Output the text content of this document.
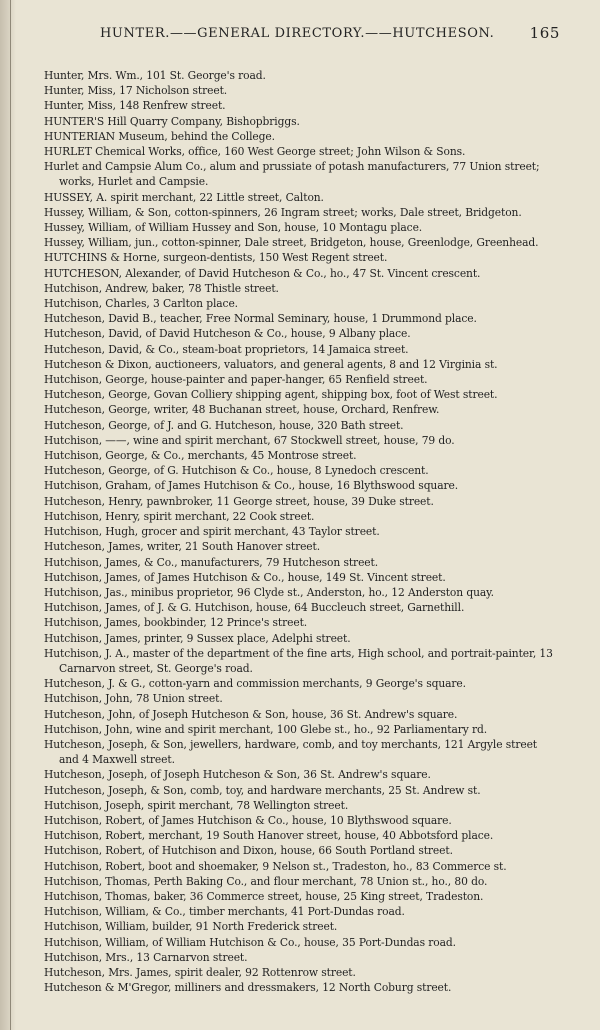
HUNTER.——GENERAL DIRECTORY.——HUTCHESON. 165
Hunter, Mrs. Wm., 101 St. George's road.
Hunter, Miss, 17 Nicholson street.
Hunter, Miss, 148 Renfrew street.
HUNTER'S Hill Quarry Company, Bishopbriggs.
HUNTERIAN Museum, behind the College.
HURLET Chemical Works, office, 160 West George street; John Wilson & Sons.
Hurlet and Campsie Alum Co., alum and prussiate of potash manufacturers, 77 Union street; works, Hurlet and Campsie.
HUSSEY, A. spirit merchant, 22 Little street, Calton.
Hussey, William, & Son, cotton-spinners, 26 Ingram street; works, Dale street, Bridgeton.
Hussey, William, of William Hussey and Son, house, 10 Montagu place.
Hussey, William, jun., cotton-spinner, Dale street, Bridgeton, house, Greenlodge, Greenhead.
HUTCHINS & Horne, surgeon-dentists, 150 West Regent street.
HUTCHESON, Alexander, of David Hutcheson & Co., ho., 47 St. Vincent crescent.
Hutchison, Andrew, baker, 78 Thistle street.
Hutchison, Charles, 3 Carlton place.
Hutcheson, David B., teacher, Free Normal Seminary, house, 1 Drummond place.
Hutcheson, David, of David Hutcheson & Co., house, 9 Albany place.
Hutcheson, David, & Co., steam-boat proprietors, 14 Jamaica street.
Hutcheson & Dixon, auctioneers, valuators, and general agents, 8 and 12 Virginia st.
Hutchison, George, house-painter and paper-hanger, 65 Renfield street.
Hutcheson, George, Govan Colliery shipping agent, shipping box, foot of West street.
Hutcheson, George, writer, 48 Buchanan street, house, Orchard, Renfrew.
Hutcheson, George, of J. and G. Hutcheson, house, 320 Bath street.
Hutchison, ——, wine and spirit merchant, 67 Stockwell street, house, 79 do.
Hutchison, George, & Co., merchants, 45 Montrose street.
Hutcheson, George, of G. Hutchison & Co., house, 8 Lynedoch crescent.
Hutchison, Graham, of James Hutchison & Co., house, 16 Blythswood square.
Hutcheson, Henry, pawnbroker, 11 George street, house, 39 Duke street.
Hutchison, Henry, spirit merchant, 22 Cook street.
Hutchison, Hugh, grocer and spirit merchant, 43 Taylor street.
Hutcheson, James, writer, 21 South Hanover street.
Hutchison, James, & Co., manufacturers, 79 Hutcheson street.
Hutchison, James, of James Hutchison & Co., house, 149 St. Vincent street.
Hutchison, Jas., minibus proprietor, 96 Clyde st., Anderston, ho., 12 Anderston quay.
Hutchison, James, of J. & G. Hutchison, house, 64 Buccleuch street, Garnethill.
Hutchison, James, bookbinder, 12 Prince's street.
Hutchison, James, printer, 9 Sussex place, Adelphi street.
Hutchison, J. A., master of the department of the fine arts, High school, and portrait-painter, 13 Carnarvon street, St. George's road.
Hutcheson, J. & G., cotton-yarn and commission merchants, 9 George's square.
Hutchison, John, 78 Union street.
Hutcheson, John, of Joseph Hutcheson & Son, house, 36 St. Andrew's square.
Hutchison, John, wine and spirit merchant, 100 Glebe st., ho., 92 Parliamentary rd.
Hutcheson, Joseph, & Son, jewellers, hardware, comb, and toy merchants, 121 Argyle street and 4 Maxwell street.
Hutcheson, Joseph, of Joseph Hutcheson & Son, 36 St. Andrew's square.
Hutcheson, Joseph, & Son, comb, toy, and hardware merchants, 25 St. Andrew st.
Hutchison, Joseph, spirit merchant, 78 Wellington street.
Hutchison, Robert, of James Hutchison & Co., house, 10 Blythswood square.
Hutchison, Robert, merchant, 19 South Hanover street, house, 40 Abbotsford place.
Hutchison, Robert, of Hutchison and Dixon, house, 66 South Portland street.
Hutchison, Robert, boot and shoemaker, 9 Nelson st., Tradeston, ho., 83 Commerce st.
Hutchison, Thomas, Perth Baking Co., and flour merchant, 78 Union st., ho., 80 do.
Hutchison, Thomas, baker, 36 Commerce street, house, 25 King street, Tradeston.
Hutchison, William, & Co., timber merchants, 41 Port-Dundas road.
Hutchison, William, builder, 91 North Frederick street.
Hutchison, William, of William Hutchison & Co., house, 35 Port-Dundas road.
Hutchison, Mrs., 13 Carnarvon street.
Hutcheson, Mrs. James, spirit dealer, 92 Rottenrow street.
Hutcheson & M'Gregor, milliners and dressmakers, 12 North Coburg street.
